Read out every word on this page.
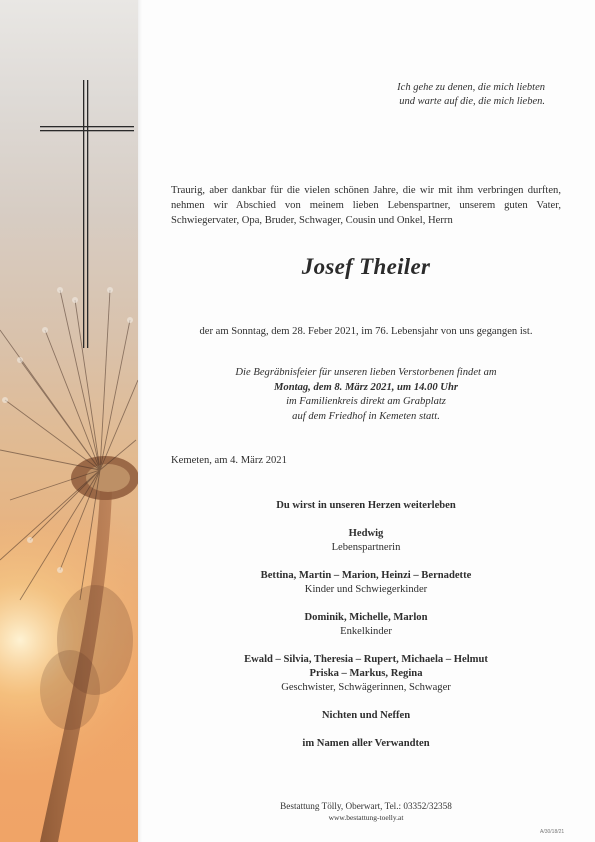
Ich gehe zu denen, die mich liebten
und warte auf die, die mich lieben.
Traurig, aber dankbar für die vielen schönen Jahre, die wir mit ihm verbringen durften, nehmen wir Abschied von meinem lieben Lebenspartner, unserem guten Vater, Schwiegervater, Opa, Bruder, Schwager, Cousin und Onkel, Herrn
Josef Theiler
der am Sonntag, dem 28. Feber 2021, im 76. Lebensjahr von uns gegangen ist.
Die Begräbnisfeier für unseren lieben Verstorbenen findet am
Montag, dem 8. März 2021, um 14.00 Uhr
im Familienkreis direkt am Grabplatz
auf dem Friedhof in Kemeten statt.
Kemeten, am 4. März 2021
Du wirst in unseren Herzen weiterleben
Hedwig
Lebenspartnerin
Bettina, Martin – Marion, Heinzi – Bernadette
Kinder und Schwiegerkinder
Dominik, Michelle, Marlon
Enkelkinder
Ewald – Silvia, Theresia – Rupert, Michaela – Helmut
Priska – Markus, Regina
Geschwister, Schwägerinnen, Schwager
Nichten und Neffen
im Namen aller Verwandten
Bestattung Tölly, Oberwart, Tel.: 03352/32358
www.bestattung-toelly.at
A/30/18/21
